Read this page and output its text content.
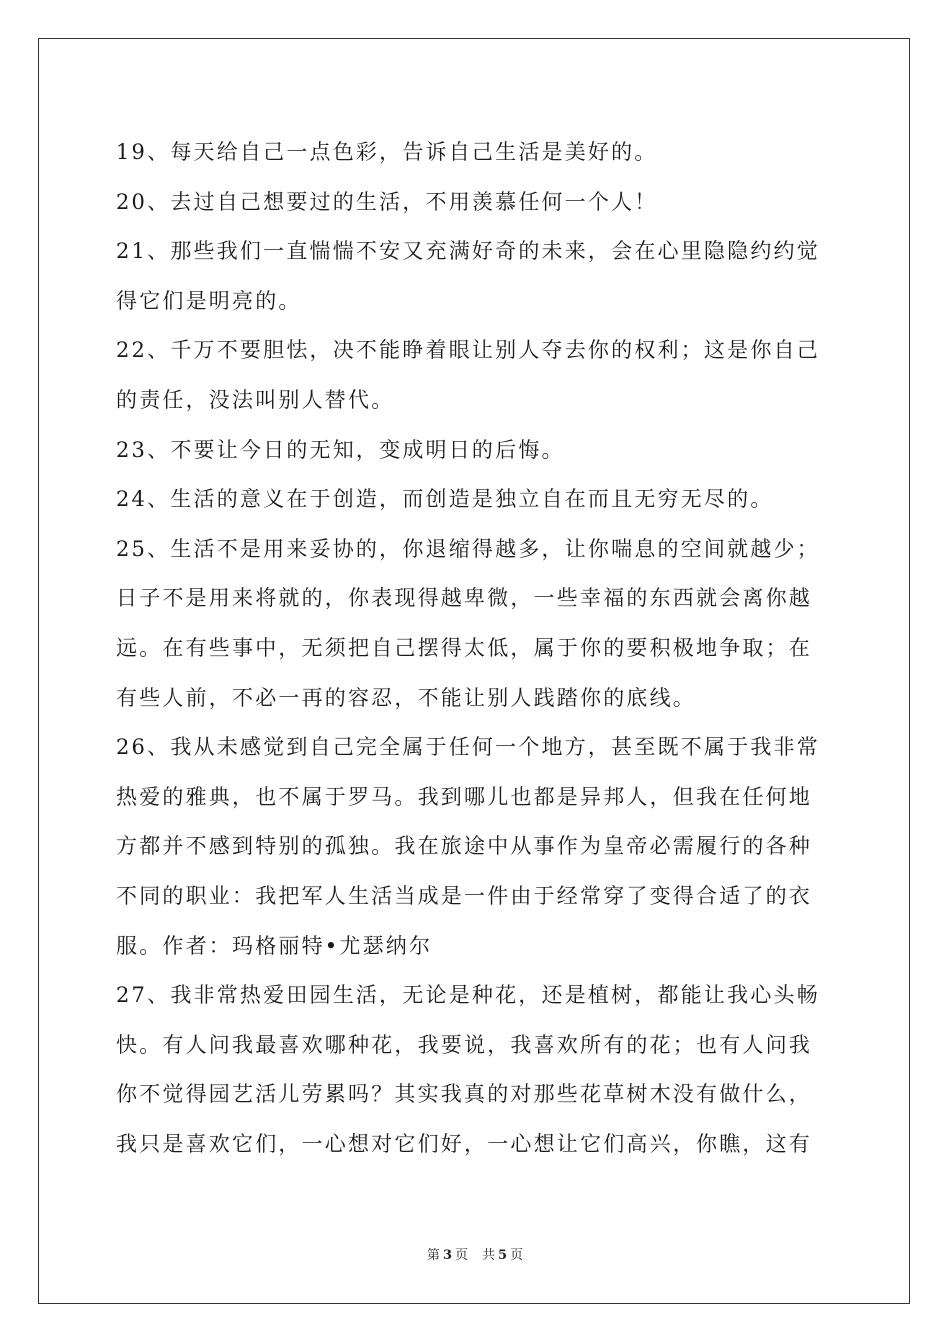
19、每天给自己一点色彩，告诉自己生活是美好的。
20、去过自己想要过的生活，不用羡慕任何一个人！
21、那些我们一直惴惴不安又充满好奇的未来，会在心里隐隐约约觉
得它们是明亮的。
22、千万不要胆怯，决不能睁着眼让别人夺去你的权利；这是你自己
的责任，没法叫别人替代。
23、不要让今日的无知，变成明日的后悔。
24、生活的意义在于创造，而创造是独立自在而且无穷无尽的。
25、生活不是用来妥协的，你退缩得越多，让你喘息的空间就越少；
日子不是用来将就的，你表现得越卑微，一些幸福的东西就会离你越
远。在有些事中，无须把自己摆得太低，属于你的要积极地争取；在
有些人前，不必一再的容忍，不能让别人践踏你的底线。
26、我从未感觉到自己完全属于任何一个地方，甚至既不属于我非常
热爱的雅典，也不属于罗马。我到哪儿也都是异邦人，但我在任何地
方都并不感到特别的孤独。我在旅途中从事作为皇帝必需履行的各种
不同的职业：我把军人生活当成是一件由于经常穿了变得合适了的衣
服。作者：玛格丽特•尤瑟纳尔
27、我非常热爱田园生活，无论是种花，还是植树，都能让我心头畅
快。有人问我最喜欢哪种花，我要说，我喜欢所有的花；也有人问我
你不觉得园艺活儿劳累吗？其实我真的对那些花草树木没有做什么，
我只是喜欢它们，一心想对它们好，一心想让它们高兴，你瞧，这有
第 3 页 共 5 页
